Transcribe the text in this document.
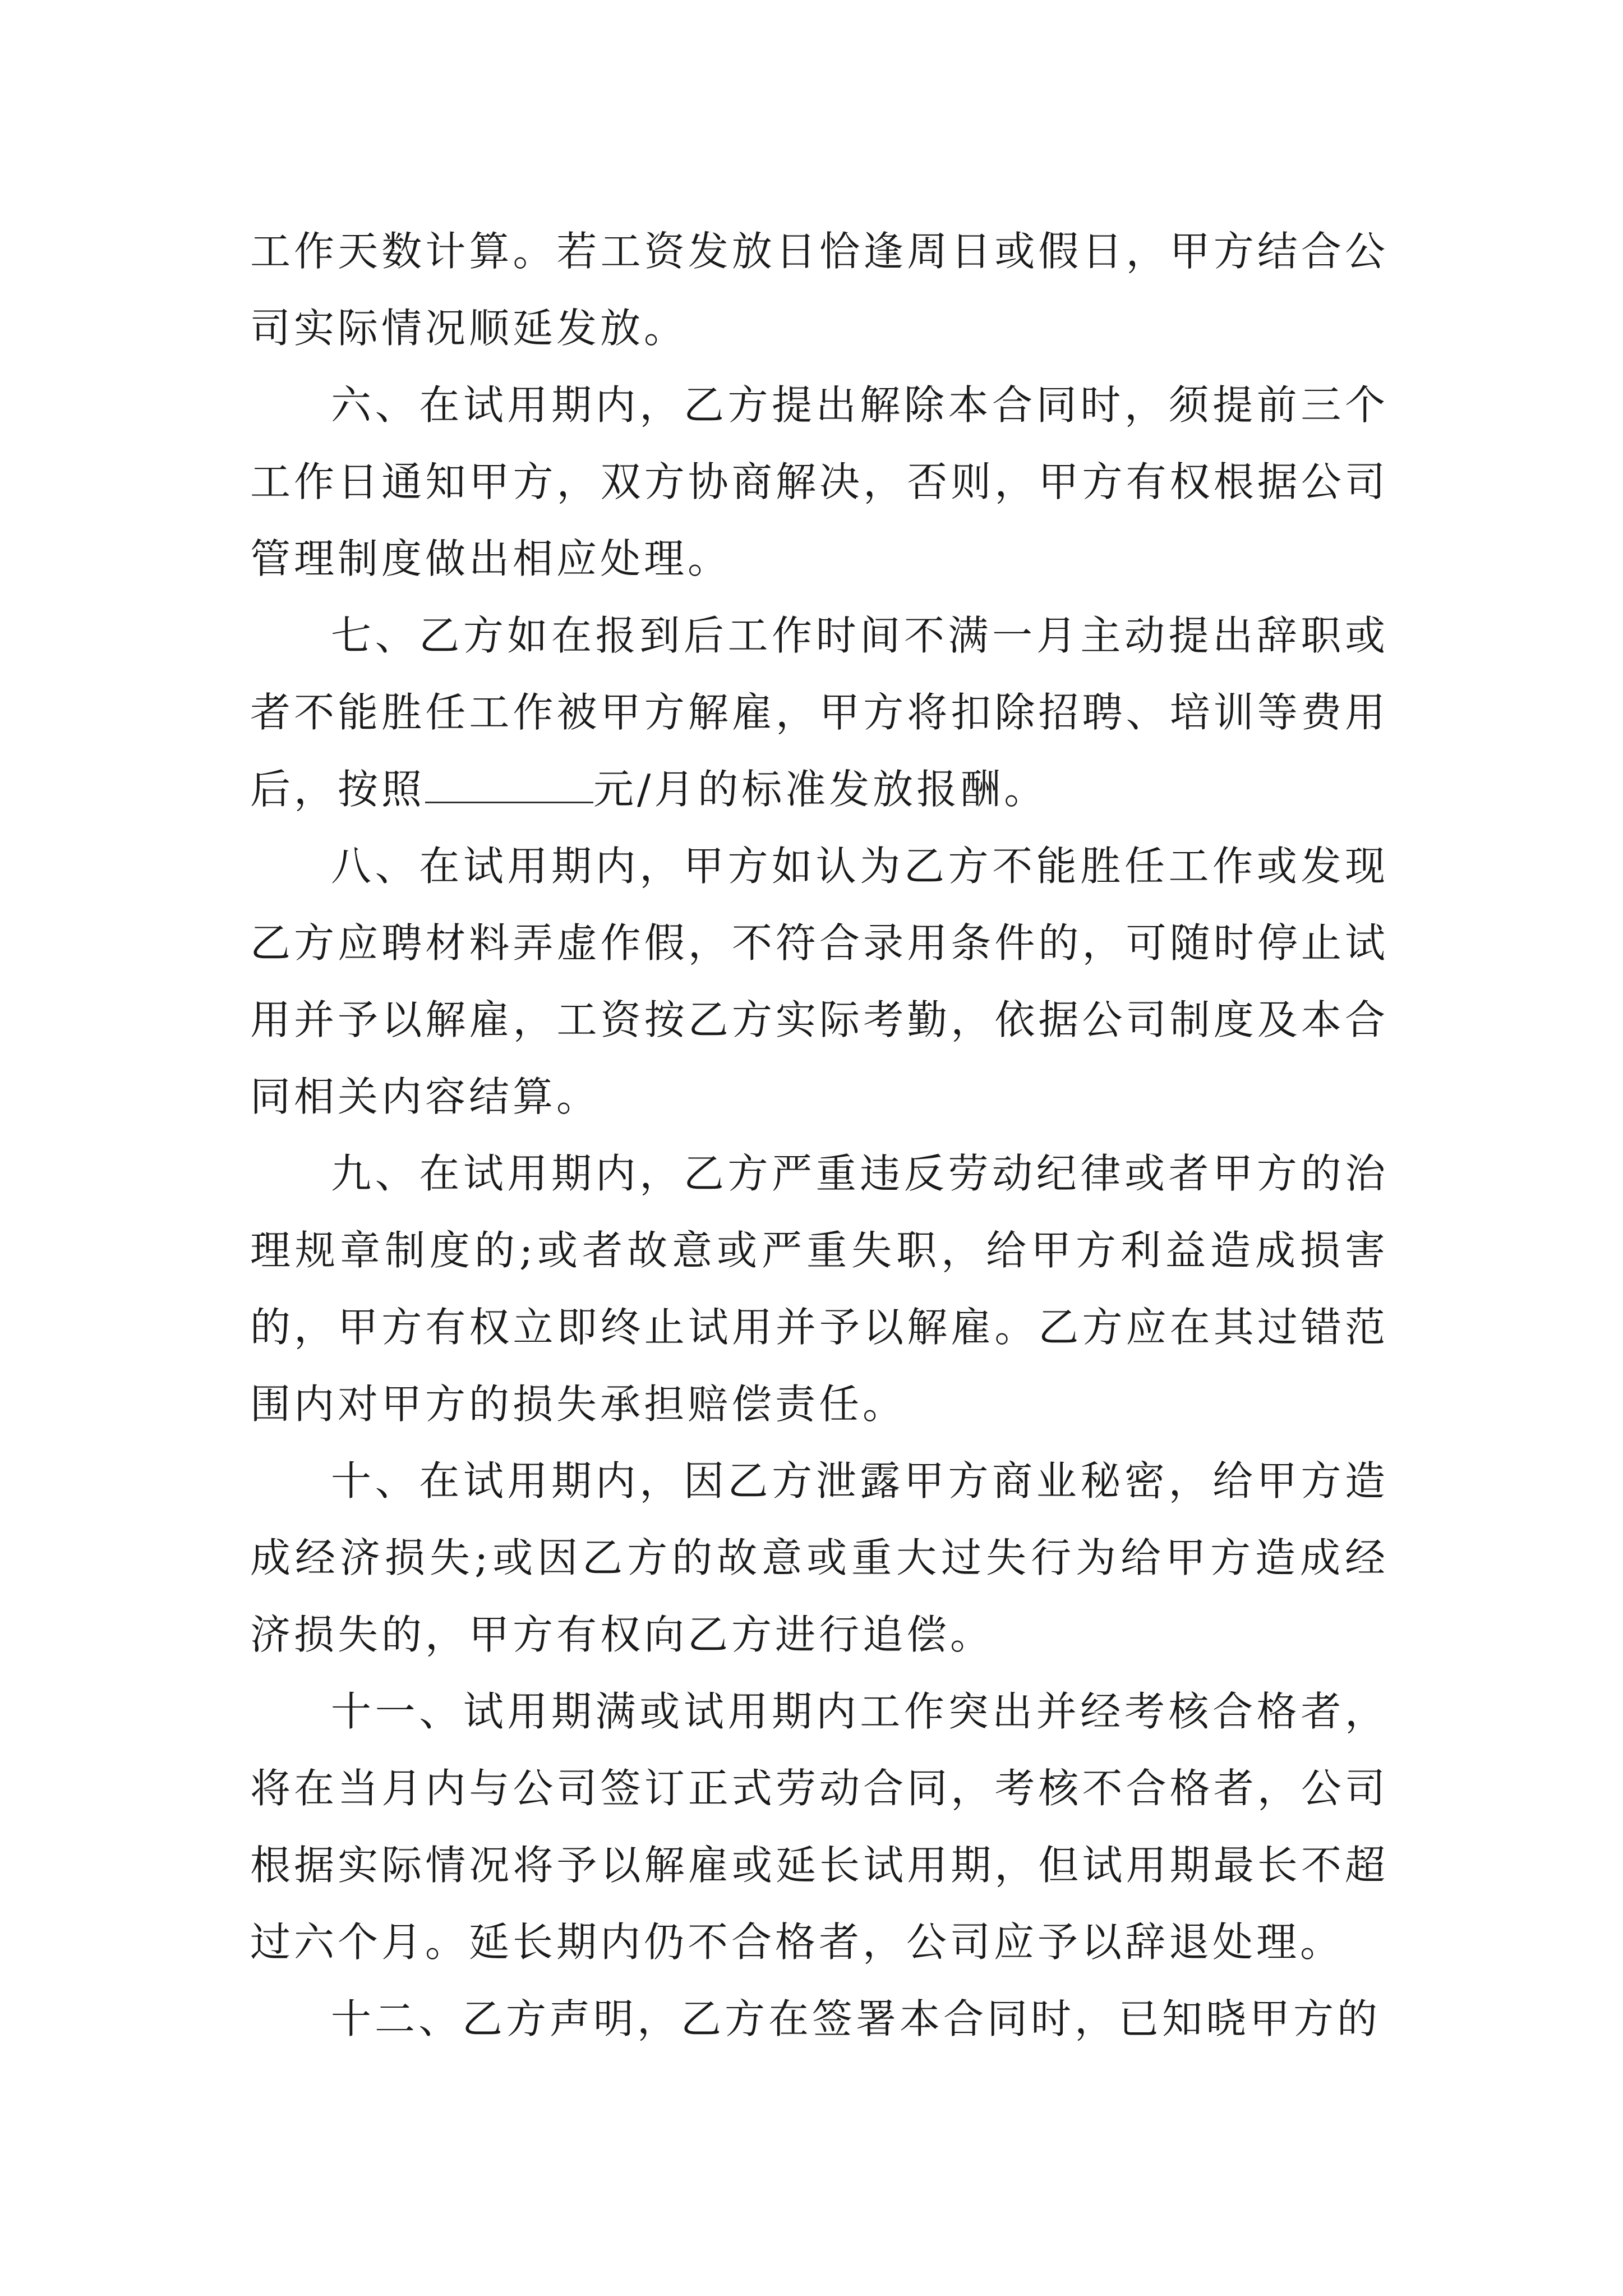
工作天数计算。若工资发放日恰逢周日或假日，甲方结合公司实际情况顺延发放。

六、在试用期内，乙方提出解除本合同时，须提前三个工作日通知甲方，双方协商解决，否则，甲方有权根据公司管理制度做出相应处理。

七、乙方如在报到后工作时间不满一月主动提出辞职或者不能胜任工作被甲方解雇，甲方将扣除招聘、培训等费用后，按照	元/月的标准发放报酬。

八、在试用期内，甲方如认为乙方不能胜任工作或发现乙方应聘材料弄虚作假，不符合录用条件的，可随时停止试用并予以解雇，工资按乙方实际考勤，依据公司制度及本合同相关内容结算。

九、在试用期内，乙方严重违反劳动纪律或者甲方的治理规章制度的;或者故意或严重失职，给甲方利益造成损害的，甲方有权立即终止试用并予以解雇。乙方应在其过错范围内对甲方的损失承担赔偿责任。

十、在试用期内，因乙方泄露甲方商业秘密，给甲方造成经济损失;或因乙方的故意或重大过失行为给甲方造成经济损失的，甲方有权向乙方进行追偿。

十一、试用期满或试用期内工作突出并经考核合格者，将在当月内与公司签订正式劳动合同，考核不合格者，公司根据实际情况将予以解雇或延长试用期，但试用期最长不超过六个月。延长期内仍不合格者，公司应予以辞退处理。

十二、乙方声明，乙方在签署本合同时，已知晓甲方的
